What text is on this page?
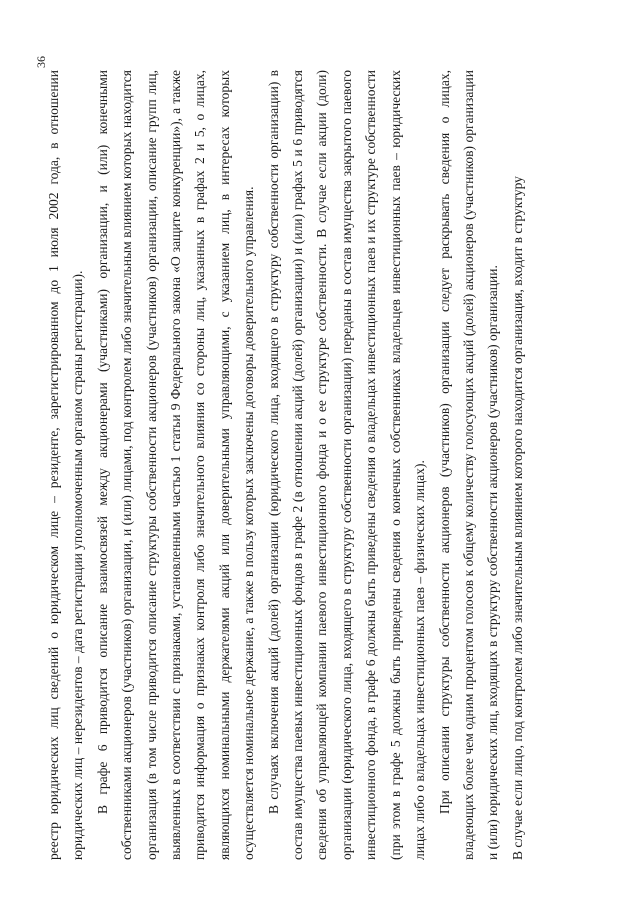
36

реестр юридических лиц сведений о юридическом лице – резиденте, зарегистрированном до 1 июля 2002 года, в отношении юридических лиц – нерезидентов – дата регистрации уполномоченным органом страны регистрации). В графе 6 приводится описание взаимосвязей между акционерами (участниками) организации, и (или) конечными собственниками акционеров (участников) организации, и (или) лицами, под контролем либо значительным влиянием которых находится организация (в том числе приводится описание структуры собственности акционеров (участников) организации, описание групп лиц, выявленных в соответствии с признаками, установленными частью 1 статьи 9 Федерального закона «О защите конкуренции»), а также приводится информация о признаках контроля либо значительного влияния со стороны лиц, указанных в графах 2 и 5, о лицах, являющихся номинальными держателями акций или доверительными управляющими, с указанием лиц, в интересах которых осуществляется номинальное держание, а также в пользу которых заключены договоры доверительного управления. В случаях включения акций (долей) организации (юридического лица, входящего в структуру собственности организации) в состав имущества паевых инвестиционных фондов в графе 2 (в отношении акций (долей) организации) и (или) графах 5 и 6 приводятся сведения об управляющей компании паевого инвестиционного фонда и о ее структуре собственности. В случае если акции (доли) организации (юридического лица, входящего в структуру собственности организации) переданы в состав имущества закрытого паевого инвестиционного фонда, в графе 6 должны быть приведены сведения о владельцах инвестиционных паев и их структуре собственности (при этом в графе 5 должны быть приведены сведения о конечных собственниках владельцев инвестиционных паев – юридических лицах либо о владельцах инвестиционных паев – физических лицах). При описании структуры собственности акционеров (участников) организации следует раскрывать сведения о лицах, владеющих более чем одним процентом голосов к общему количеству голосующих акций (долей) акционеров (участников) организации и (или) юридических лиц, входящих в структуру собственности акционеров (участников) организации. В случае если лицо, под контролем либо значительным влиянием которого находится организация, входит в структуру
